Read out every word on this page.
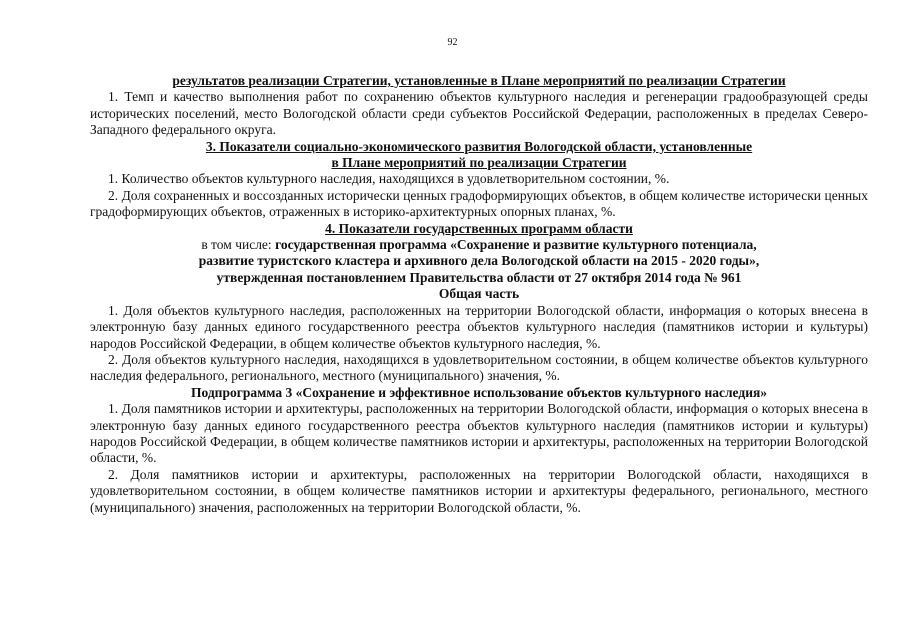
92

результатов реализации Стратегии, установленные в Плане мероприятий по реализации Стратегии

1. Темп и качество выполнения работ по сохранению объектов культурного наследия и регенерации градообразующей среды исторических поселений, место Вологодской области среди субъектов Российской Федерации, расположенных в пределах Северо-Западного федерального округа.

3. Показатели социально-экономического развития Вологодской области, установленные

в Плане мероприятий по реализации Стратегии

1. Количество объектов культурного наследия, находящихся в удовлетворительном состоянии, %.

2. Доля сохраненных и воссозданных исторически ценных градоформирующих объектов, в общем количестве исторически ценных градоформирующих объектов, отраженных в историко-архитектурных опорных планах, %.

4. Показатели государственных программ области

в том числе: государственная программа «Сохранение и развитие культурного потенциала,

развитие туристского кластера и архивного дела Вологодской области на 2015 - 2020 годы»,

утвержденная постановлением Правительства области от 27 октября 2014 года № 961

Общая часть

1. Доля объектов культурного наследия, расположенных на территории Вологодской области, информация о которых внесена в электронную базу данных единого государственного реестра объектов культурного наследия (памятников истории и культуры) народов Российской Федерации, в общем количестве объектов культурного наследия, %.

2. Доля объектов культурного наследия, находящихся в удовлетворительном состоянии, в общем количестве объектов культурного наследия федерального, регионального, местного (муниципального) значения, %.

Подпрограмма 3 «Сохранение и эффективное использование объектов культурного наследия»

1. Доля памятников истории и архитектуры, расположенных на территории Вологодской области, информация о которых внесена в электронную базу данных единого государственного реестра объектов культурного наследия (памятников истории и культуры) народов Российской Федерации, в общем количестве памятников истории и архитектуры, расположенных на территории Вологодской области, %.

2. Доля памятников истории и архитектуры, расположенных на территории Вологодской области, находящихся в удовлетворительном состоянии, в общем количестве памятников истории и архитектуры федерального, регионального, местного (муниципального) значения, расположенных на территории Вологодской области, %.
